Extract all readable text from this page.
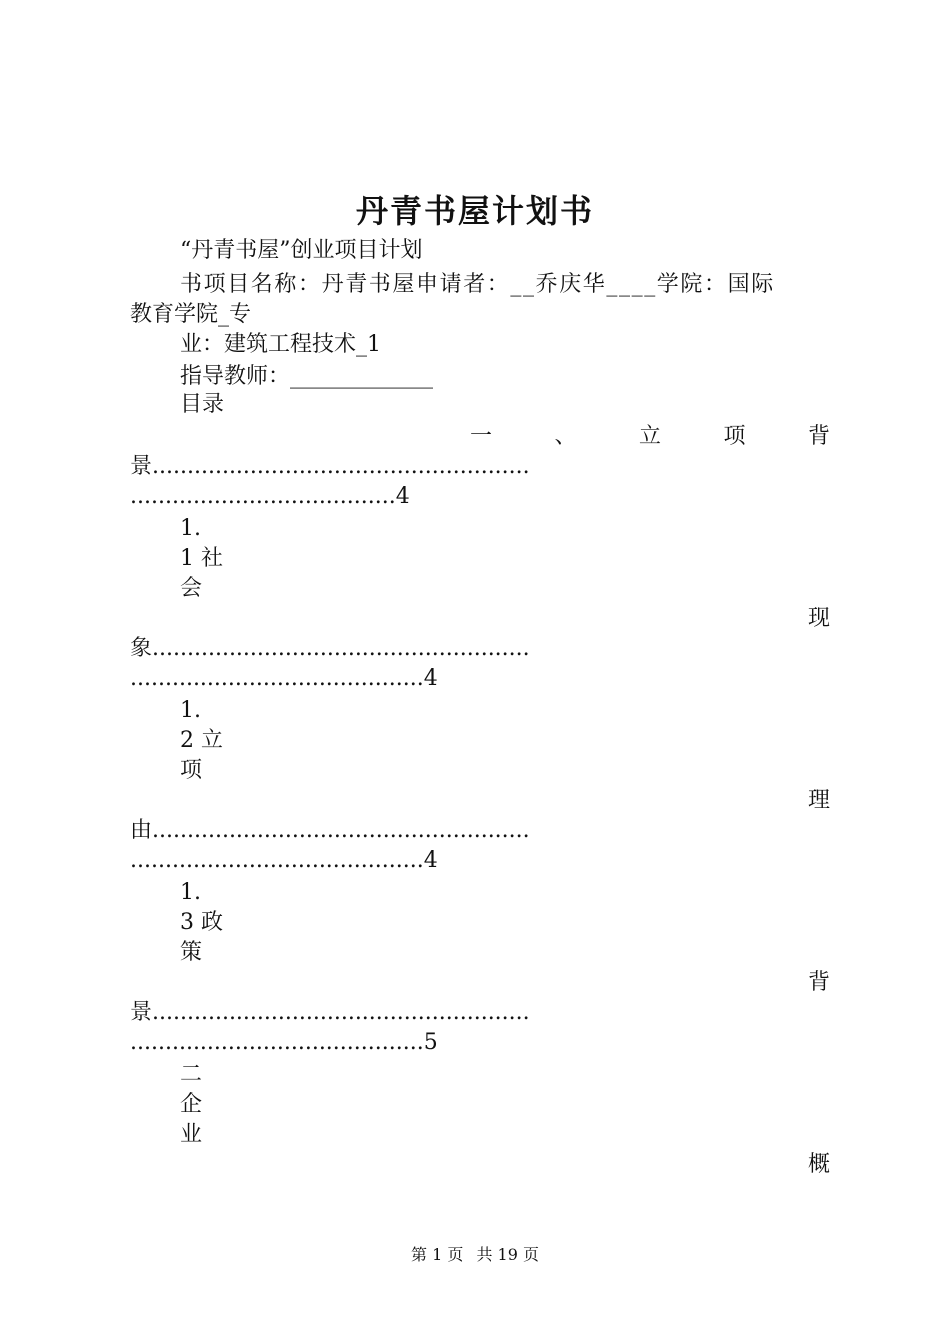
丹青书屋计划书
“丹青书屋”创业项目计划
书项目名称：丹青书屋申请者：__乔庆华____学院：国际
教育学院_专
业：建筑工程技术_1
指导教师：_____________
目录
一	、	立	项	背
景......................................................
......................................4
1.
1 社
会
现
象......................................................
..........................................4
1.
2 立
项
理
由......................................................
..........................................4
1.
3 政
策
背
景......................................................
..........................................5
二
企
业
概
第 1 页 共 19 页
